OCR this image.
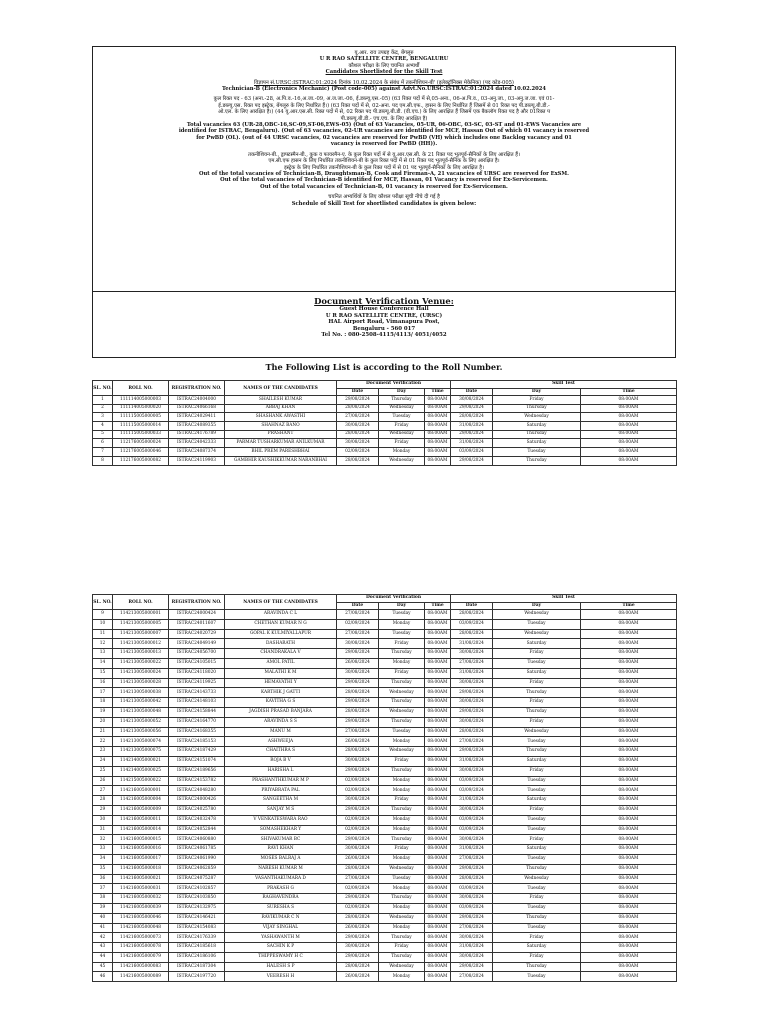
यू.आर. राव उपग्रह केंद्र, बेंगलूरु

U R RAO SATELLITE CENTRE, BENGALURU

कौशल परीक्षा के लिए चयनित अभ्यर्थी

Candidates Shortlisted for the Skill Test

विज्ञापन सं.URSC:ISTRAC:01:2024 दिनांक 10.02.2024 के संबंध में तकनीशियन-बी' (इलेक्ट्रॉनिक्स मेकेनिक) (पद कोड-005)

Technician-B (Electronics Mechanic) (Post code-005) against Advt.No.URSC:ISTRAC:01:2024 dated 10.02.2024

कुल रिक्त पद - 63 (अना.-28, अ.पि.व.-16,अ.जा.-09, अ.ज.जा.-06, ई.डब्ल्यू.एस.-05) (63 रिक्त पदों में से,05-अना., 06-अ.पि.व., 03-अनु.जा., 03-अनु.ज.जा. एवं 01-

ई.डब्ल्यू.एस. रिक्त पद इस्ट्रेक, बेंगलूरु के लिए निर्धारित हैं।) (63 रिक्त पदों में से, 02-अना. पद एम.सी.एफ., हासन के लिए निर्धारित हैं जिसमें से 01 रिक्त पद पी.डब्ल्यू.बी.डी.-

ओ.एल. के लिए आरक्षित है।) (44 यू.आर.एस.सी. रिक्त पदों में से, 02 रिक्त पद पी.डब्ल्यू.बी.डी. (वी.एच.) के लिए आरक्षित हैं जिसमें एक बैकलॉग रिक्त पद है और 01रिक्त प

पी.डब्ल्यू.बी.डी.- एच.एच. के लिए आरक्षित है)

Total vacancies 63 (UR-28,OBC-16,SC-09,ST-06,EWS-05) (Out of 63 Vacancies, 05-UR, 06-OBC, 03-SC, 03-ST and 01-EWS Vacancies are

identified for ISTRAC, Bengaluru). (Out of 63 vacancies, 02-UR vacancies are identified for MCF, Hassan Out of which 01 vacancy is reserved

for PwBD (OL). (out of 44 URSC vacancies, 02 vacancies are reserved for PwBD (VH) which includes one Backlog vacancy and 01

vacancy is reserved for PwBD (HH)).

तकनीशियन-बी., ड्राफ्टस्मैन-बी., कुक व फायरमैन-ए. के कुल रिक्त पदों में से यू.आर.एस.सी. के 21 रिक्त पद भूतपूर्व-सैनिकों के लिए आरक्षित हैं।

एम.सी.एफ हासन के लिए निर्धारित तकनीशियन-बी के कुल रिक्त पदों में से 01 रिक्त पद भूतपूर्व-सैनिक के लिए आरक्षित है।

इस्ट्रेक के लिए निर्धारित तकनीशियन-बी के कुल रिक्त पदों में से 01 पद भूतपूर्व-सैनिकों के लिए आरक्षित है।

Out of the total vacancies of Technician-B, Draughtsman-B, Cook and Fireman-A, 21 vacancies of URSC are reserved for ExSM.

Out of the total vacancies of Technician-B identified for MCF, Hassan, 01 Vacancy is reserved for Ex-Servicemen.

Out of the total vacancies of Technician-B, 01 vacancy is reserved for Ex-Servicemen.

चयनित अभ्यर्थियों के लिए कौशल परीक्षा सूची नीचे दी गई है

Schedule of Skill Test for shortlisted candidates is given below:

Document Verification Venue:

Guest House Conference Hall

U R RAO SATELLITE CENTRE, (URSC)

HAL Airport Road, Vimanapura Post,

Bengaluru - 560 017

Tel No. : 080-2508-4115/4113/ 4051/4052

The Following List is according to the Roll Number.
SL. NO.	ROLL NO.	REGISTRATION NO.	NAMES OF THE CANDIDATES	Document Verification			Skill Test		
				Date	Day	Time	Date	Day	Time
1	111114005000003	ISTRAC24004000	SHAILESH KUMAR	29/08/2024	Thursday	08:00AM	30/08/2024	Friday	08:00AM
2	111114005000020	ISTRAC24066168	ABBAJ KHAN	28/08/2024	Wednesday	08:00AM	29/08/2024	Thursday	08:00AM
3	111115005000005	ISTRAC24029411	SHASHANK AWASTHI	27/08/2024	Tuesday	08:00AM	28/08/2024	Wednesday	08:00AM
4	111115005000014	ISTRAC24089355	SHAHNAZ BANO	30/08/2024	Friday	08:00AM	31/08/2024	Saturday	08:00AM
5	111115005000033	ISTRAC24176789	PRASHANT	28/08/2024	Wednesday	08:00AM	29/08/2024	Thursday	08:00AM
6	112176005000024	ISTRAC24042333	PARMAR TUSHARKUMAR ANILKUMAR	30/08/2024	Friday	08:00AM	31/08/2024	Saturday	08:00AM
7	112176005000046	ISTRAC24087374	BHIL PREM PARESHBHAI	02/09/2024	Monday	08:00AM	03/09/2024	Tuesday	08:00AM
8	112176005000082	ISTRAC24119903	GAMBHIR KAUSHIKKUMAR NARANBHAI	28/08/2024	Wednesday	08:00AM	29/08/2024	Thursday	08:00AM
SL. NO.	ROLL NO.	REGISTRATION NO.	NAMES OF THE CANDIDATES	Document Verification			Skill Test		
				Date	Day	Time	Date	Day	Time
9	114213005000001	ISTRAC24000424	ARAVINDA C L	27/08/2024	Tuesday	08:00AM	28/08/2024	Wednesday	08:00AM
10	114213005000005	ISTRAC24011607	CHETHAN KUMAR N G	02/09/2024	Monday	08:00AM	03/09/2024	Tuesday	08:00AM
11	114213005000007	ISTRAC24020729	GOPAL K KULMIYALLAPUR	27/08/2024	Tuesday	08:00AM	28/08/2024	Wednesday	08:00AM
12	114213005000012	ISTRAC24049149	DASHARATH	30/08/2024	Friday	08:00AM	31/08/2024	Saturday	08:00AM
13	114213005000013	ISTRAC24056700	CHANDRAKALA V	29/08/2024	Thursday	08:00AM	30/08/2024	Friday	08:00AM
14	114213005000022	ISTRAC24105015	AMOL PATIL	26/08/2024	Monday	08:00AM	27/08/2024	Tuesday	08:00AM
15	114213005000024	ISTRAC24118020	MALATHI K M	30/08/2024	Friday	08:00AM	31/08/2024	Saturday	08:00AM
16	114213005000028	ISTRAC24119925	HEMAVATHI Y	29/08/2024	Thursday	08:00AM	30/08/2024	Friday	08:00AM
17	114213005000038	ISTRAC24143733	KARTHIK J GATTI	28/08/2024	Wednesday	08:00AM	29/08/2024	Thursday	08:00AM
18	114213005000042	ISTRAC24148103	KAVITHA G S	29/08/2024	Thursday	08:00AM	30/08/2024	Friday	08:00AM
19	114213005000048	ISTRAC24158844	JAGDISH PRASAD BANJARA	28/08/2024	Wednesday	08:00AM	29/08/2024	Thursday	08:00AM
20	114213005000052	ISTRAC24164770	ARAVINDA S S	29/08/2024	Thursday	08:00AM	30/08/2024	Friday	08:00AM
21	114213005000056	ISTRAC24168355	MANU M	27/08/2024	Tuesday	08:00AM	28/08/2024	Wednesday	08:00AM
22	114213005000074	ISTRAC24185153	ASHWEEJA	26/08/2024	Monday	08:00AM	27/08/2024	Tuesday	08:00AM
23	114213005000075	ISTRAC24187429	CHAITHRA S	28/08/2024	Wednesday	08:00AM	29/08/2024	Thursday	08:00AM
24	114214005000021	ISTRAC24151074	ROJA B V	30/08/2024	Friday	08:00AM	31/08/2024	Saturday	08:00AM
25	114214005000025	ISTRAC24189656	HARISHA L	29/08/2024	Thursday	08:00AM	30/08/2024	Friday	08:00AM
26	114215005000022	ISTRAC24153782	PRASHANTHKUMAR M P	02/09/2024	Monday	08:00AM	03/09/2024	Tuesday	08:00AM
27	114216005000001	ISTRAC24048280	PRIYABRATA PAL	02/09/2024	Monday	08:00AM	03/09/2024	Tuesday	08:00AM
28	114216005000004	ISTRAC24000426	SANGEETHA M	30/08/2024	Friday	08:00AM	31/08/2024	Saturday	08:00AM
29	114216005000009	ISTRAC24025780	SANJAY M S	29/08/2024	Thursday	08:00AM	30/08/2024	Friday	08:00AM
30	114216005000011	ISTRAC24032478	V VENKATESWARA RAO	02/09/2024	Monday	08:00AM	03/09/2024	Tuesday	08:00AM
31	114216005000014	ISTRAC24052844	SOMASHEKHAR Y	02/09/2024	Monday	08:00AM	03/09/2024	Tuesday	08:00AM
32	114216005000015	ISTRAC24060880	SHIVAKUMAR BC	29/08/2024	Thursday	08:00AM	30/08/2024	Friday	08:00AM
33	114216005000016	ISTRAC24061785	RAVI KHAN	30/08/2024	Friday	08:00AM	31/08/2024	Saturday	08:00AM
34	114216005000017	ISTRAC24061990	MOSES BALRAJ A	26/08/2024	Monday	08:00AM	27/08/2024	Tuesday	08:00AM
35	114216005000018	ISTRAC24062859	NARESH KUMAR M	28/08/2024	Wednesday	08:00AM	29/08/2024	Thursday	08:00AM
36	114216005000021	ISTRAC24075287	VASANTHAKUMARA D	27/08/2024	Tuesday	08:00AM	28/08/2024	Wednesday	08:00AM
37	114216005000031	ISTRAC24102857	PRAKASH G	02/09/2024	Monday	08:00AM	03/09/2024	Tuesday	08:00AM
38	114216005000032	ISTRAC24103850	RAGHAVENDRA	29/08/2024	Thursday	08:00AM	30/08/2024	Friday	08:00AM
39	114216005000039	ISTRAC24132975	SURESHA S	02/09/2024	Monday	08:00AM	03/09/2024	Tuesday	08:00AM
40	114216005000046	ISTRAC24146421	RAVIKUMAR C N	28/08/2024	Wednesday	08:00AM	29/08/2024	Thursday	08:00AM
41	114216005000048	ISTRAC24154083	VIJAY SINGHAL	26/08/2024	Monday	08:00AM	27/08/2024	Tuesday	08:00AM
42	114216005000073	ISTRAC24176339	YASHAWANTH M	29/08/2024	Thursday	08:00AM	30/08/2024	Friday	08:00AM
43	114216005000078	ISTRAC24185618	SACHIN K P	30/08/2024	Friday	08:00AM	31/08/2024	Saturday	08:00AM
44	114216005000079	ISTRAC24186106	THIPPESWAMY H C	29/08/2024	Thursday	08:00AM	30/08/2024	Friday	08:00AM
45	114216005000083	ISTRAC24187304	HALESH S P	28/08/2024	Wednesday	08:00AM	29/08/2024	Thursday	08:00AM
46	114216005000089	ISTRAC24197720	VEERESH H	26/08/2024	Monday	08:00AM	27/08/2024	Tuesday	08:00AM
